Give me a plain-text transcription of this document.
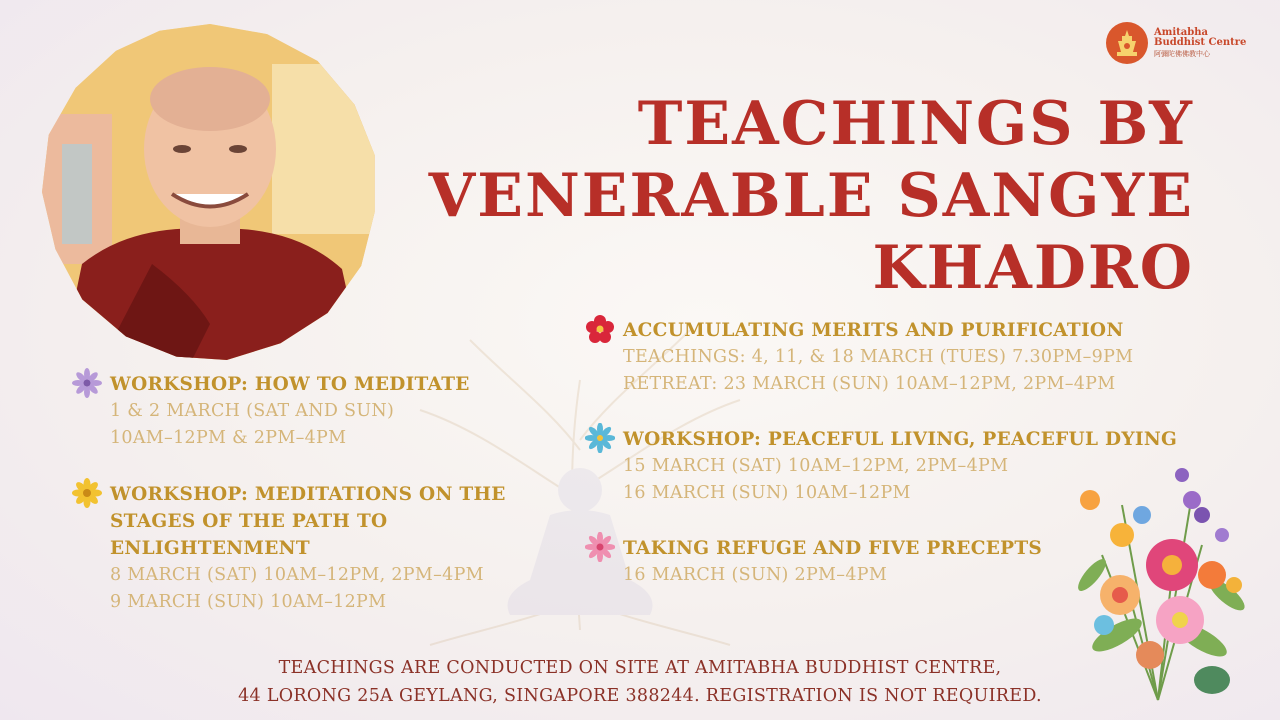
Amitabha
Buddhist Centre
阿彌陀佛佛教中心
TEACHINGS BY
VENERABLE SANGYE
KHADRO
WORKSHOP: HOW TO MEDITATE
1 & 2 MARCH (SAT AND SUN)
10AM–12PM & 2PM–4PM
WORKSHOP: MEDITATIONS ON THE
STAGES OF THE PATH TO
ENLIGHTENMENT
8 MARCH (SAT) 10AM–12PM, 2PM–4PM
9 MARCH (SUN) 10AM–12PM
ACCUMULATING MERITS AND PURIFICATION
TEACHINGS: 4, 11, & 18 MARCH (TUES) 7.30PM–9PM
RETREAT: 23 MARCH (SUN) 10AM–12PM, 2PM–4PM
WORKSHOP: PEACEFUL LIVING, PEACEFUL DYING
15 MARCH (SAT) 10AM–12PM, 2PM–4PM
16 MARCH (SUN) 10AM–12PM
TAKING REFUGE AND FIVE PRECEPTS
16 MARCH (SUN) 2PM–4PM
TEACHINGS ARE CONDUCTED ON SITE AT AMITABHA BUDDHIST CENTRE,
44 LORONG 25A GEYLANG, SINGAPORE 388244. REGISTRATION IS NOT REQUIRED.
